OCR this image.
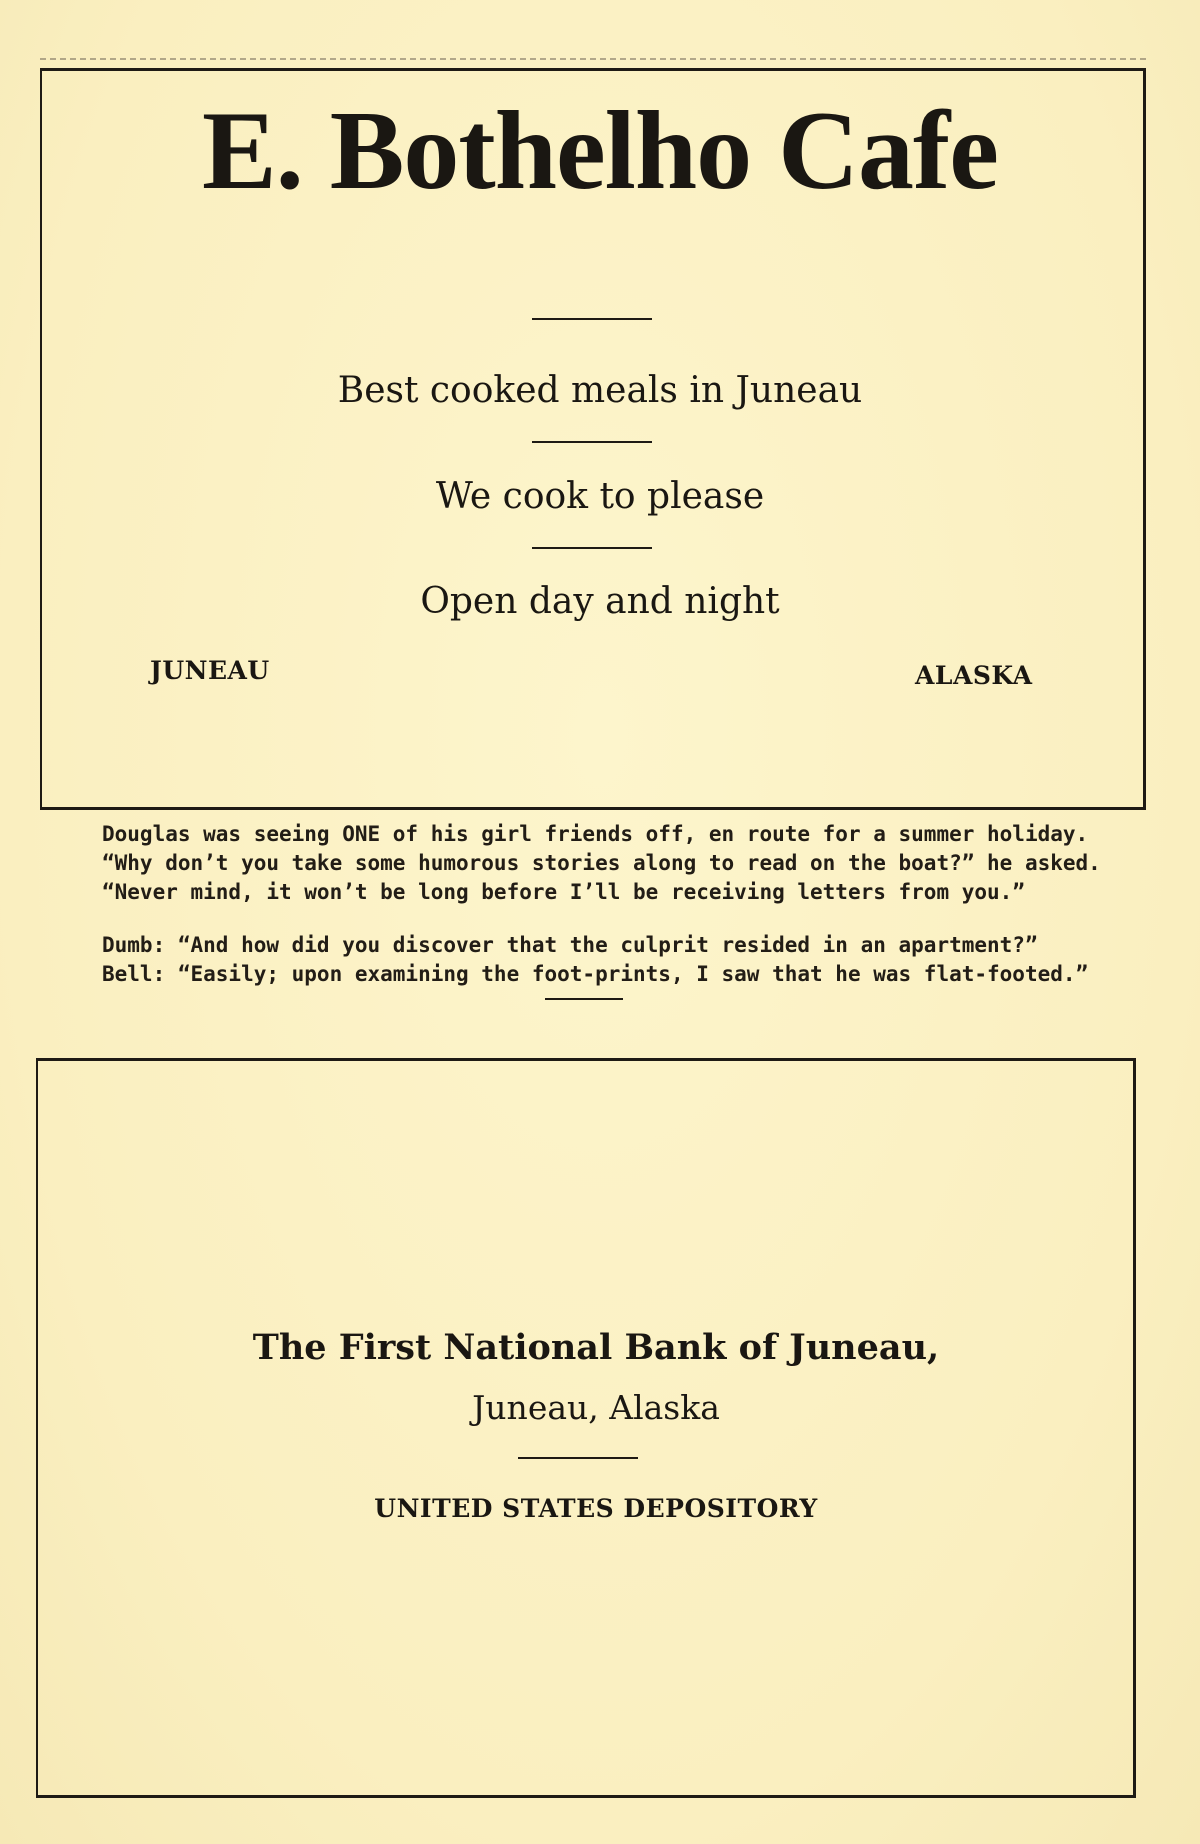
E. Bothelho Cafe
Best cooked meals in Juneau
We cook to please
Open day and night
JUNEAU	ALASKA

Douglas was seeing ONE of his girl friends off, en route for a summer holiday.

“Why don’t you take some humorous stories along to read on the boat?” he asked.

“Never mind, it won’t be long before I’ll be receiving letters from you.”

Dumb: “And how did you discover that the culprit resided in an apartment?”

Bell: “Easily; upon examining the foot-prints, I saw that he was flat-footed.”

The First National Bank of Juneau,
Juneau, Alaska
UNITED STATES DEPOSITORY
